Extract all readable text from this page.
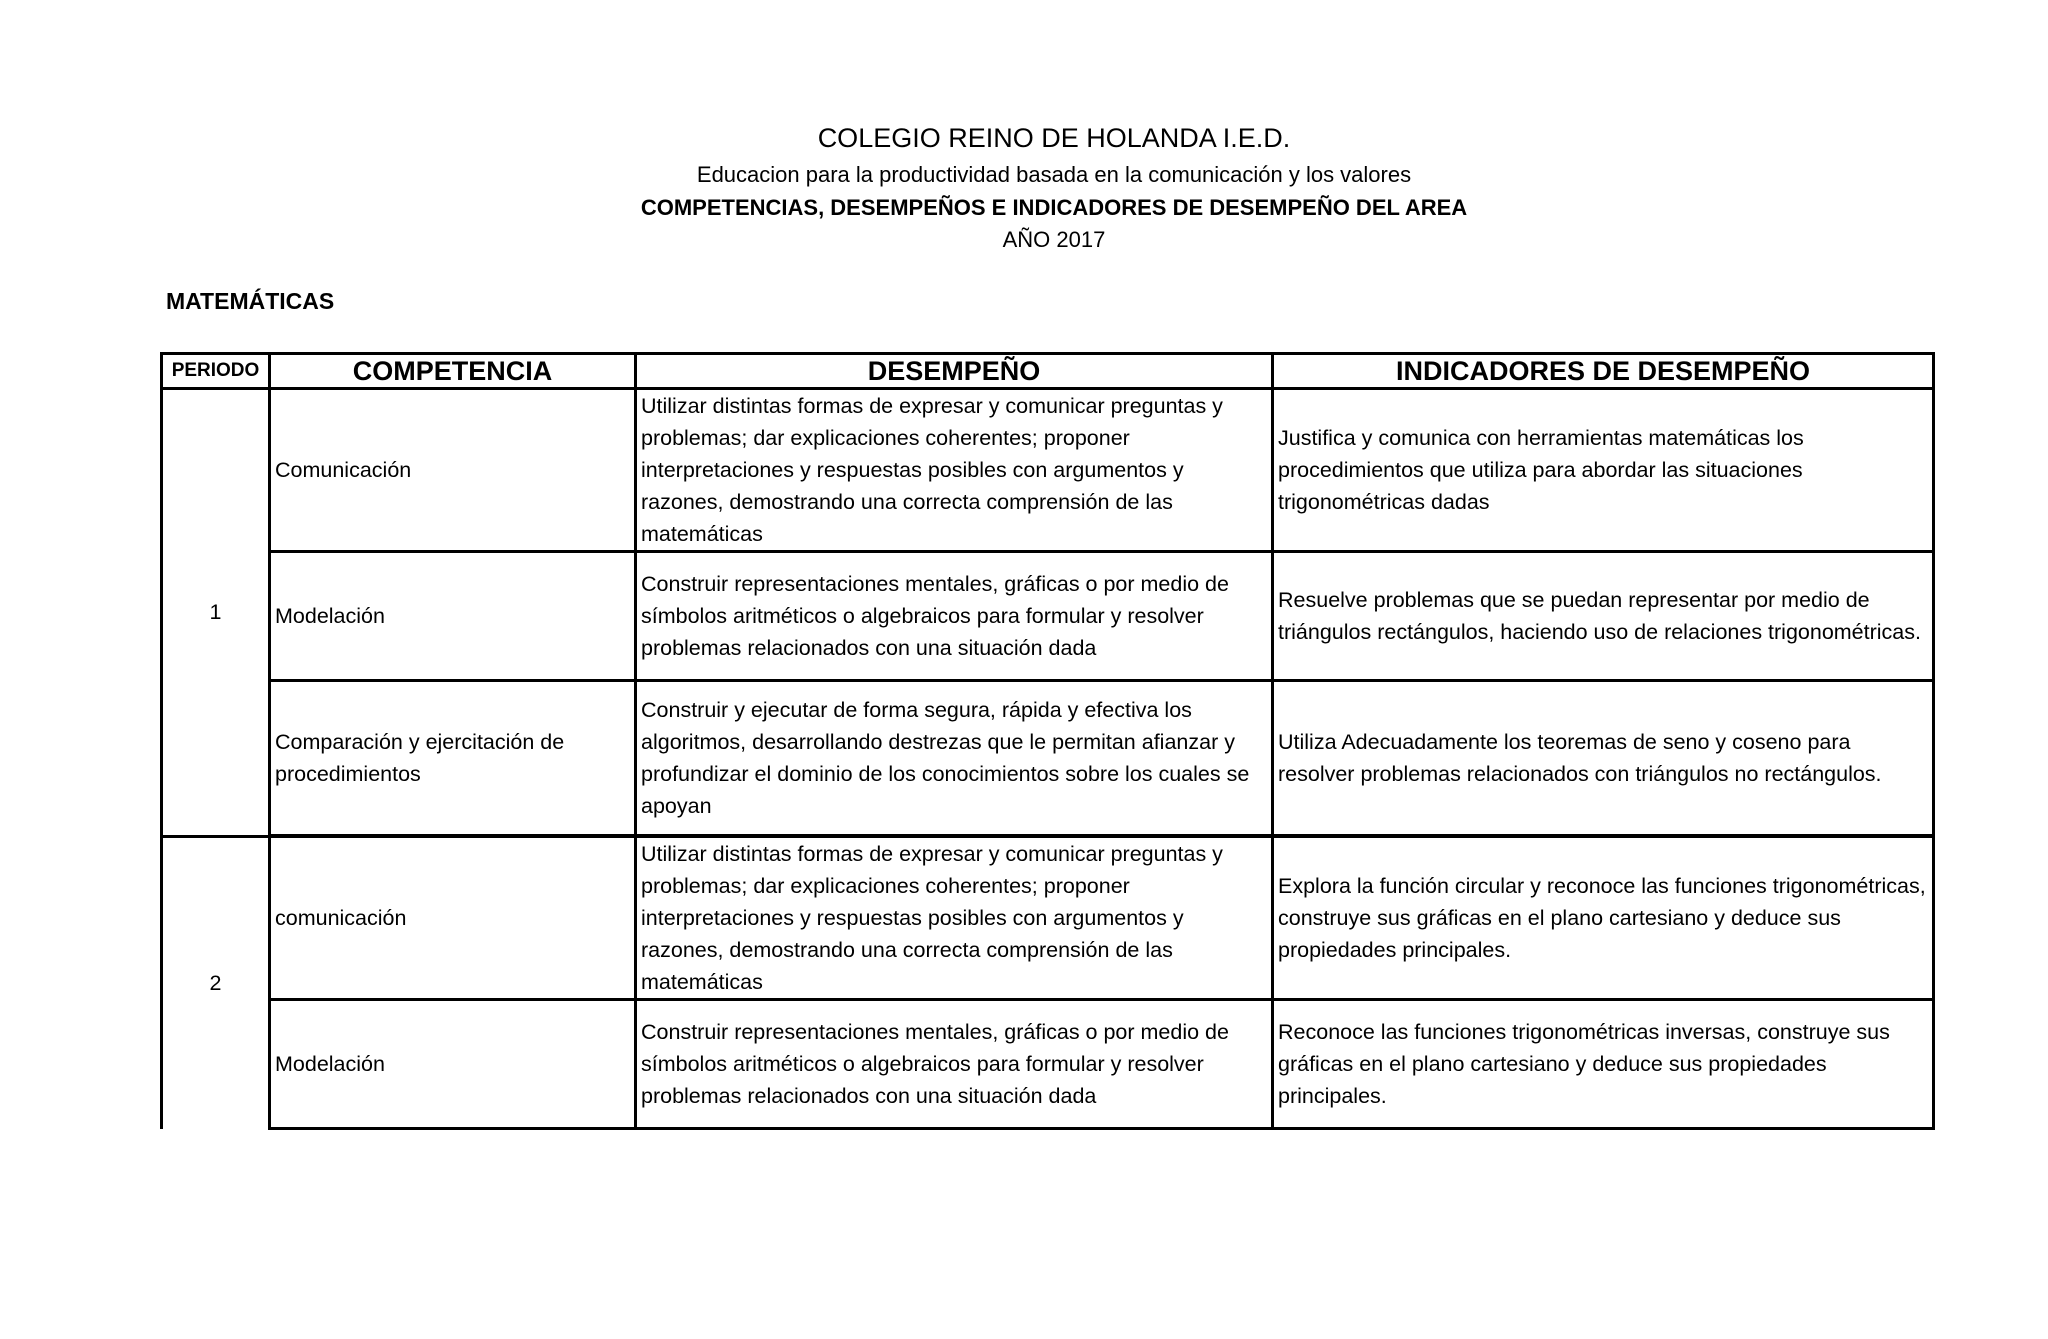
COLEGIO REINO DE HOLANDA I.E.D.
Educacion para la productividad basada en la comunicación y los valores
COMPETENCIAS, DESEMPEÑOS E INDICADORES DE DESEMPEÑO DEL AREA
AÑO 2017
MATEMÁTICAS
PERIODO	COMPETENCIA	DESEMPEÑO	INDICADORES DE DESEMPEÑO
1	Comunicación	Utilizar distintas formas de expresar y comunicar preguntas y problemas; dar explicaciones coherentes; proponer interpretaciones y respuestas posibles con argumentos y razones, demostrando una correcta comprensión de las matemáticas	Justifica y comunica con herramientas matemáticas los procedimientos que utiliza para abordar las situaciones trigonométricas dadas
	Modelación	Construir representaciones mentales, gráficas o por medio de símbolos aritméticos o algebraicos para formular y resolver problemas relacionados con una situación dada	Resuelve problemas que se puedan representar por medio de triángulos rectángulos, haciendo uso de relaciones trigonométricas.
	Comparación y ejercitación de procedimientos	Construir y ejecutar de forma segura, rápida y efectiva los algoritmos, desarrollando destrezas que le permitan afianzar y profundizar el dominio de los conocimientos sobre los cuales se apoyan	Utiliza Adecuadamente los teoremas de seno y coseno para resolver problemas relacionados con triángulos no rectángulos.
2	comunicación	Utilizar distintas formas de expresar y comunicar preguntas y problemas; dar explicaciones coherentes; proponer interpretaciones y respuestas posibles con argumentos y razones, demostrando una correcta comprensión de las matemáticas	Explora la función circular y reconoce las funciones trigonométricas, construye sus gráficas en el plano cartesiano y deduce sus propiedades principales.
	Modelación	Construir representaciones mentales, gráficas o por medio de símbolos aritméticos o algebraicos para formular y resolver problemas relacionados con una situación dada	Reconoce las funciones trigonométricas inversas, construye sus gráficas en el plano cartesiano y deduce sus propiedades principales.
